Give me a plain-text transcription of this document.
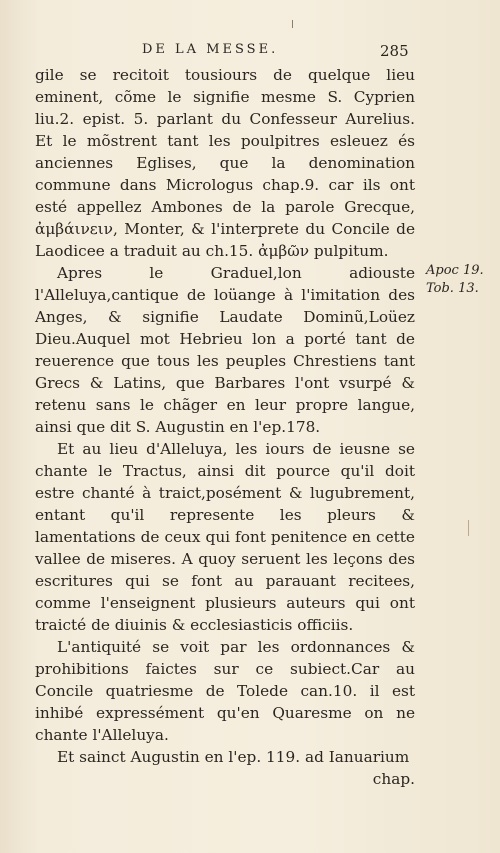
DE LA MESSE.	285

gile se recitoit tousiours de quelque lieu eminent, cõme le signifie mesme S. Cyprien liu.2. epist. 5. parlant du Confesseur Aurelius. Et le mõstrent tant les poulpitres esleuez és anciennes Eglises, que la denomination commune dans Micrologus chap.9. car ils ont esté appellez Ambones de la parole Grecque, ἀμβάινειν, Monter, & l'interprete du Concile de Laodicee a traduit au ch.15. ἀμβῶν pulpitum.

Apres le Graduel,lon adiouste l'Alleluya,cantique de loüange à l'imitation des Anges, & signifie Laudate Dominũ,Loüez Dieu.Auquel mot Hebrieu lon a porté tant de reuerence que tous les peuples Chrestiens tant Grecs & Latins, que Barbares l'ont vsurpé & retenu sans le chãger en leur propre langue, ainsi que dit S. Augustin en l'ep.178.

Et au lieu d'Alleluya, les iours de ieusne se chante le Tractus, ainsi dit pource qu'il doit estre chanté à traict,posément & lugubrement, entant qu'il represente les pleurs & lamentations de ceux qui font penitence en cette vallee de miseres. A quoy seruent les leçons des escritures qui se font au parauant recitees, comme l'enseignent plusieurs auteurs qui ont traicté de diuinis & ecclesiasticis officiis.

L'antiquité se voit par les ordonnances & prohibitions faictes sur ce subiect.Car au Concile quatriesme de Tolede can.10. il est inhibé expressément qu'en Quaresme on ne chante l'Alleluya.

Et sainct Augustin en l'ep. 119. ad Ianuarium

chap.

Apoc 19.
Tob. 13.
